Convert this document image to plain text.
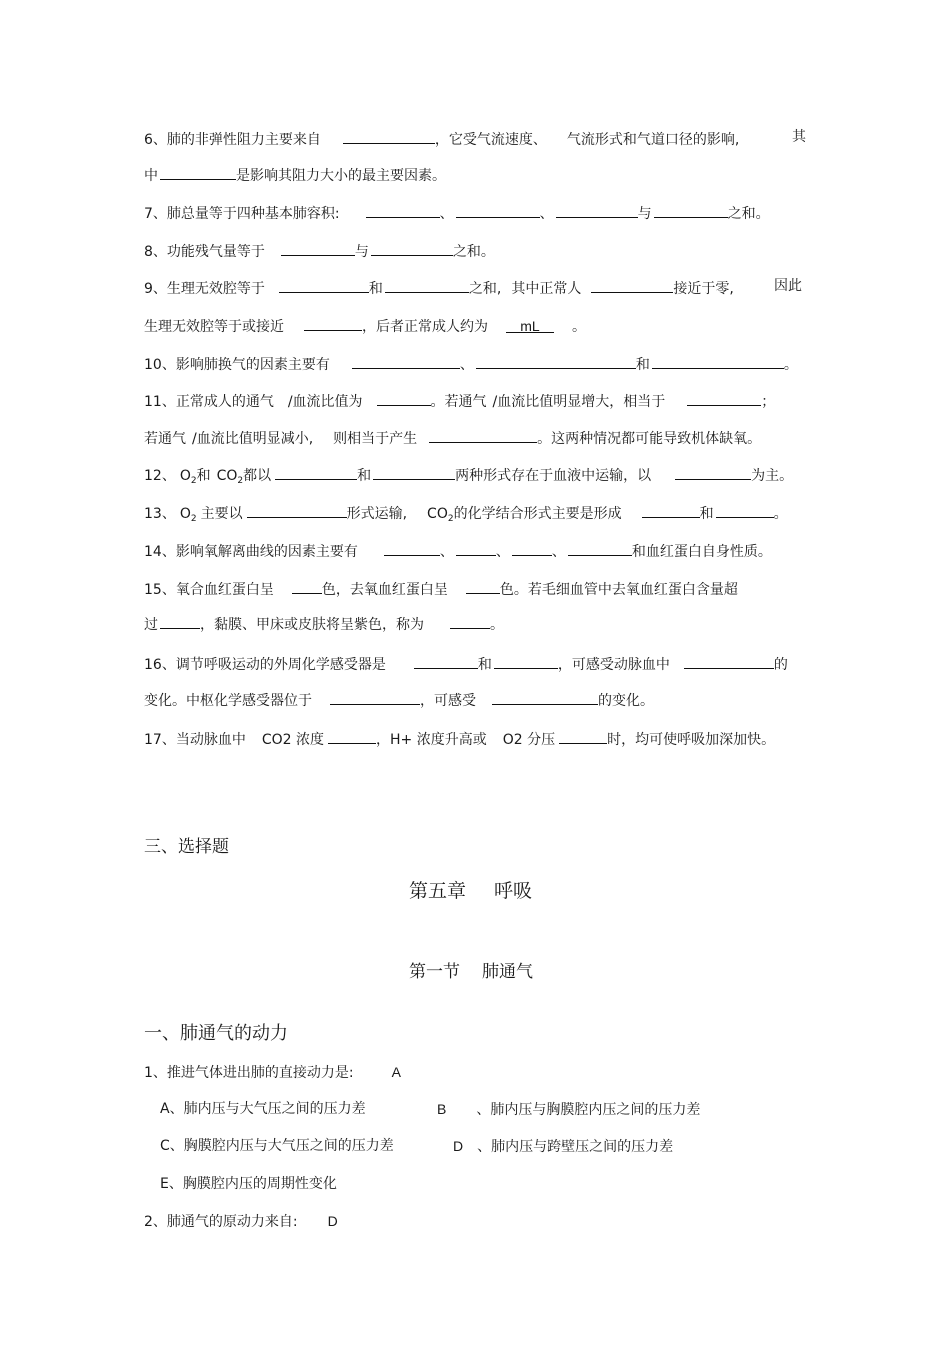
6、肺的非弹性阻力主要来自	，它受气流速度、 气流形式和气道口径的影响,	其
中	是影响其阻力大小的最主要因素。
7、肺总量等于四种基本肺容积:	、	、	与	之和。
8、功能残气量等于	与	之和。
9、生理无效腔等于	和	之和, 其中正常人	接近于零,	因此
生理无效腔等于或接近	，后者正常成人约为 mL 。
10、影响肺换气的因素主要有	、	和	。
11、正常成人的通气 /血流比值为	。若通气 /血流比值明显增大，相当于	；
若通气 /血流比值明显减小, 则相当于产生	。这两种情况都可能导致机体缺氧。
12、 $O_2$和 $CO_2$都以	和	两种形式存在于血液中运输，以	为主。
13、 $O_2$ 主要以	形式运输, $CO_2$的化学结合形式主要是形成	和	。
14、影响氧解离曲线的因素主要有	、	、	、	和血红蛋白自身性质。
15、氧合血红蛋白呈	色，去氧血红蛋白呈	色。若毛细血管中去氧血红蛋白含量超
过	，黏膜、甲床或皮肤将呈紫色，称为	。
16、调节呼吸运动的外周化学感受器是	和	，可感受动脉血中	的
变化。中枢化学感受器位于	，可感受	的变化。
17、当动脉血中 CO2 浓度	，H+ 浓度升高或 O2 分压	时，均可使呼吸加深加快。
三、选择题
第五章 呼吸
第一节 肺通气
一、肺通气的动力
1、推进气体进出肺的直接动力是:	A
A、肺内压与大气压之间的压力差	B 、肺内压与胸膜腔内压之间的压力差
C、胸膜腔内压与大气压之间的压力差	D 、肺内压与跨壁压之间的压力差
E、胸膜腔内压的周期性变化
2、肺通气的原动力来自: D
